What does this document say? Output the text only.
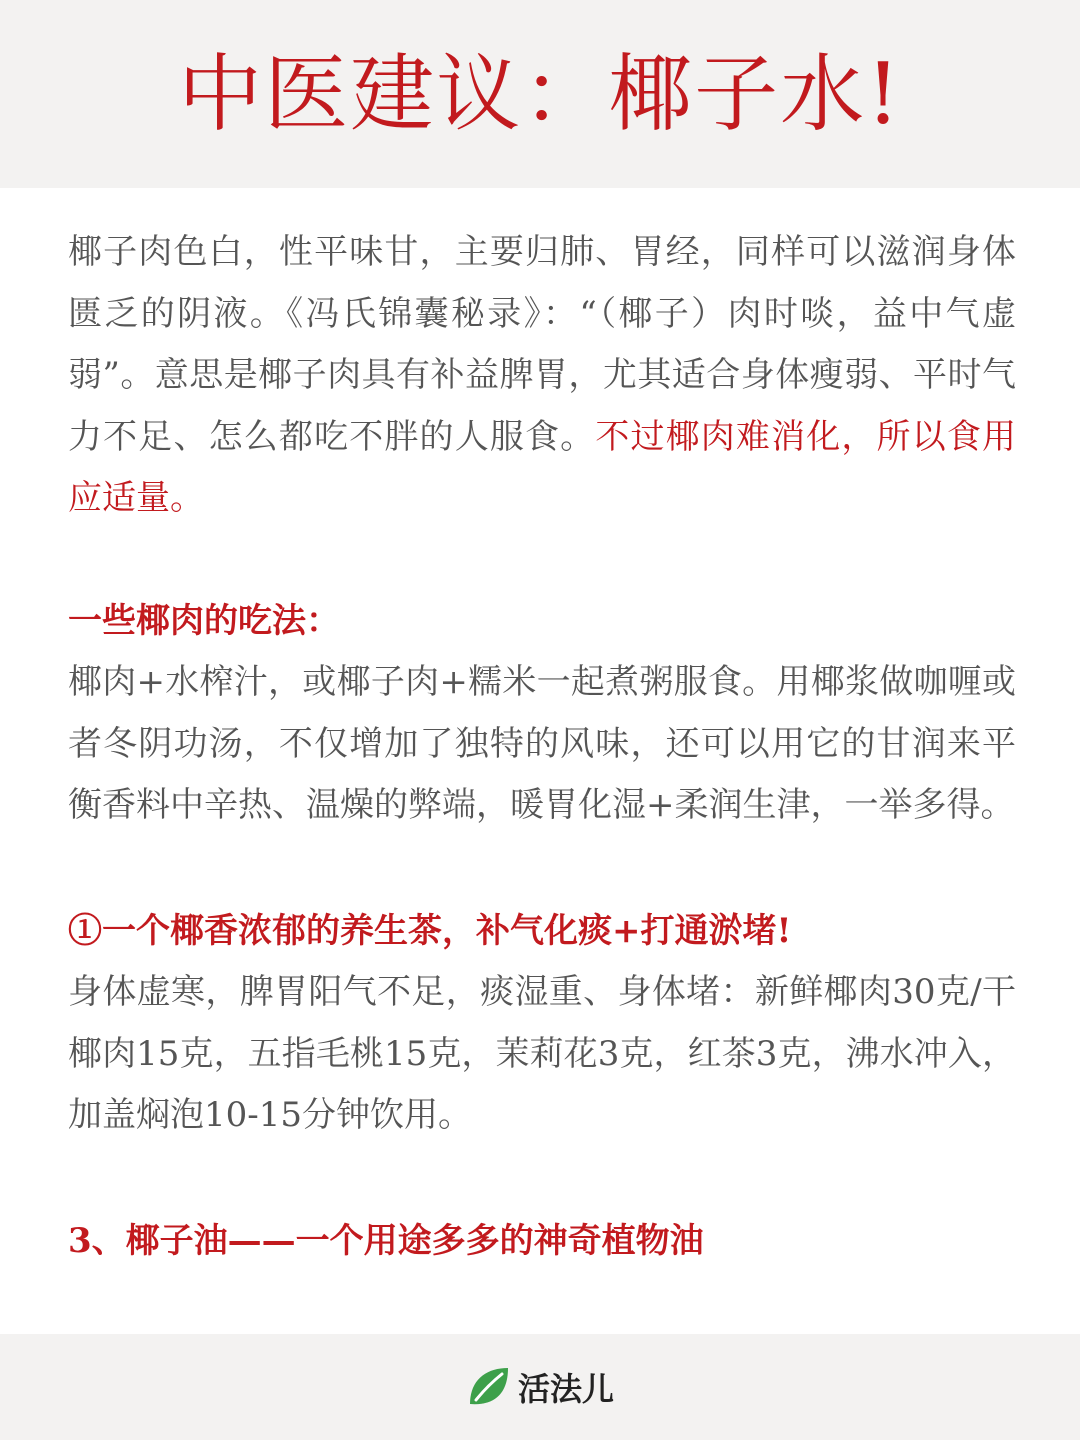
中医建议：椰子水!

椰子肉色白，性平味甘，主要归肺、胃经，同样可以滋润身体匮乏的阴液。《冯氏锦囊秘录》：“（椰子）肉时啖，益中气虚弱”。意思是椰子肉具有补益脾胃，尤其适合身体瘦弱、平时气力不足、怎么都吃不胖的人服食。不过椰肉难消化，所以食用应适量。

一些椰肉的吃法：

椰肉+水榨汁，或椰子肉+糯米一起煮粥服食。用椰浆做咖喱或者冬阴功汤，不仅增加了独特的风味，还可以用它的甘润来平衡香料中辛热、温燥的弊端，暖胃化湿+柔润生津，一举多得。

①一个椰香浓郁的养生茶，补气化痰+打通淤堵!

身体虚寒，脾胃阳气不足，痰湿重、身体堵：新鲜椰肉30克/干椰肉15克，五指毛桃15克，茉莉花3克，红茶3克，沸水冲入，加盖焖泡10-15分钟饮用。

3、椰子油——一个用途多多的神奇植物油

活法儿
